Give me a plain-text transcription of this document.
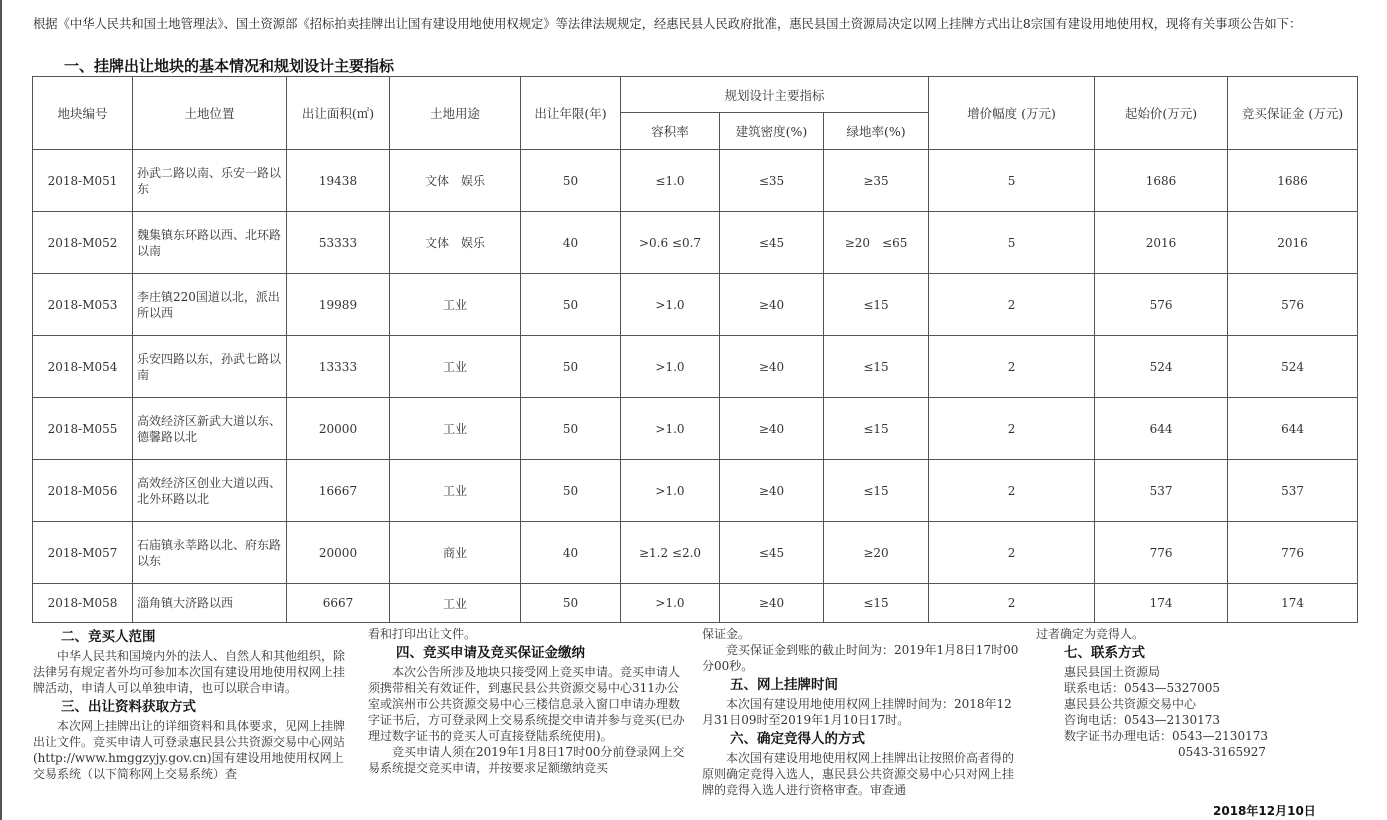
根据《中华人民共和国土地管理法》、国土资源部《招标拍卖挂牌出让国有建设用地使用权规定》等法律法规规定，经惠民县人民政府批准，惠民县国土资源局决定以网上挂牌方式出让8宗国有建设用地使用权，现将有关事项公告如下：
一、挂牌出让地块的基本情况和规划设计主要指标
地块编号	土地位置	出让面积(㎡)	土地用途	出让年限(年)	规划设计主要指标			增价幅度 (万元)	起始价(万元)	竞买保证金 (万元)
					容积率	建筑密度(%)	绿地率(%)			
2018-M051	孙武二路以南、乐安一路以东	19438	文体　娱乐	50	≤1.0	≤35	≥35	5	1686	1686
2018-M052	魏集镇东环路以西、北环路以南	53333	文体　娱乐	40	>0.6 ≤0.7	≤45	≥20　≤65	5	2016	2016
2018-M053	李庄镇220国道以北，派出所以西	19989	工业	50	>1.0	≥40	≤15	2	576	576
2018-M054	乐安四路以东，孙武七路以南	13333	工业	50	>1.0	≥40	≤15	2	524	524
2018-M055	高效经济区新武大道以东、德馨路以北	20000	工业	50	>1.0	≥40	≤15	2	644	644
2018-M056	高效经济区创业大道以西、北外环路以北	16667	工业	50	>1.0	≥40	≤15	2	537	537
2018-M057	石庙镇永莘路以北、府东路以东	20000	商业	40	≥1.2 ≤2.0	≤45	≥20	2	776	776
2018-M058	淄角镇大济路以西	6667	工业	50	>1.0	≥40	≤15	2	174	174
二、竞买人范围

中华人民共和国境内外的法人、自然人和其他组织，除法律另有规定者外均可参加本次国有建设用地使用权网上挂牌活动，申请人可以单独申请，也可以联合申请。

三、出让资料获取方式

本次网上挂牌出让的详细资料和具体要求，见网上挂牌出让文件。竞买申请人可登录惠民县公共资源交易中心网站(http://www.hmggzyjy.gov.cn)国有建设用地使用权网上交易系统（以下简称网上交易系统）查

看和打印出让文件。

四、竞买申请及竞买保证金缴纳

本次公告所涉及地块只接受网上竞买申请。竞买申请人须携带相关有效证件，到惠民县公共资源交易中心311办公室或滨州市公共资源交易中心三楼信息录入窗口申请办理数字证书后，方可登录网上交易系统提交申请并参与竞买(已办理过数字证书的竞买人可直接登陆系统使用)。

竞买申请人须在2019年1月8日17时00分前登录网上交易系统提交竞买申请，并按要求足额缴纳竞买

保证金。

竞买保证金到账的截止时间为：2019年1月8日17时00分00秒。

五、网上挂牌时间

本次国有建设用地使用权网上挂牌时间为：2018年12月31日09时至2019年1月10日17时。

六、确定竞得人的方式

本次国有建设用地使用权网上挂牌出让按照价高者得的原则确定竞得入选人，惠民县公共资源交易中心只对网上挂牌的竞得入选人进行资格审查。审查通

过者确定为竞得人。

七、联系方式

惠民县国土资源局

联系电话：0543—5327005

惠民县公共资源交易中心

咨询电话：0543—2130173

数字证书办理电话：0543—2130173

0543-3165927

2018年12月10日
